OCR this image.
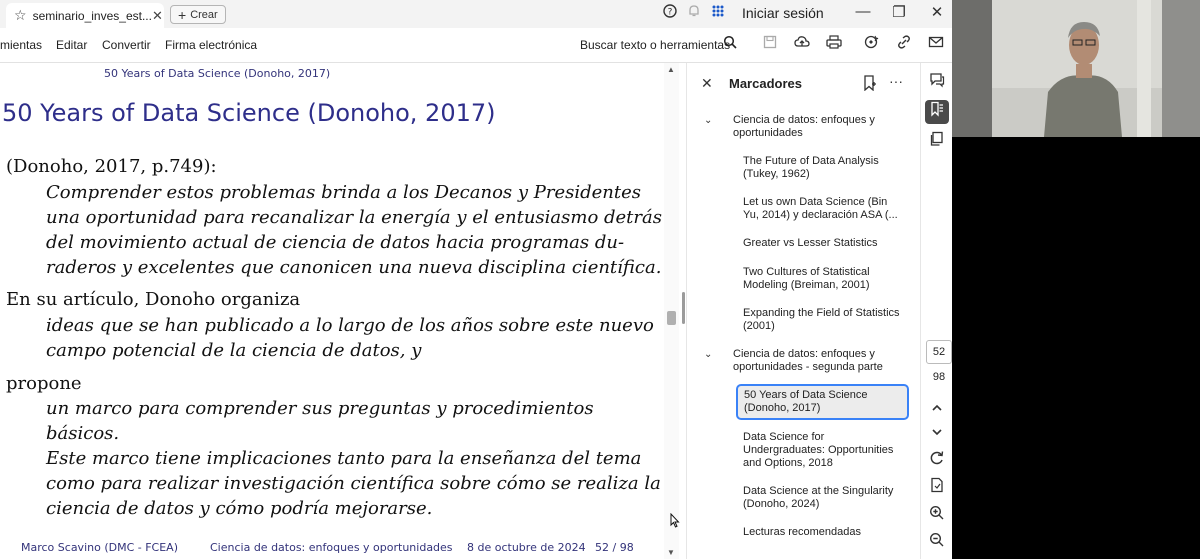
☆ seminario_inves_est... ✕ + Crear	?	Iniciar sesión — ❐	✕
mientas Editar Convertir Firma electrónica	Buscar texto o herramientas
50 Years of Data Science (Donoho, 2017)
50 Years of Data Science (Donoho, 2017)
(Donoho, 2017, p.749):
Comprender estos problemas brinda a los Decanos y Presidentes
una oportunidad para recanalizar la energía y el entusiasmo detrás
del movimiento actual de ciencia de datos hacia programas du-
raderos y excelentes que canonicen una nueva disciplina científica.
En su artículo, Donoho organiza
ideas que se han publicado a lo largo de los años sobre este nuevo
campo potencial de la ciencia de datos, y
propone
un marco para comprender sus preguntas y procedimientos básicos.
Este marco tiene implicaciones tanto para la enseñanza del tema
como para realizar investigación científica sobre cómo se realiza la
ciencia de datos y cómo podría mejorarse.
Marco Scavino (DMC - FCEA)	Ciencia de datos: enfoques y oportunidades 8 de octubre de 2024 52 / 98
▲
▼
✕ Marcadores	···
⌄ Ciencia de datos: enfoques y oportunidades
The Future of Data Analysis (Tukey, 1962)
Let us own Data Science (Bin Yu, 2014) y declaración ASA (...
Greater vs Lesser Statistics
Two Cultures of Statistical Modeling (Breiman, 2001)
Expanding the Field of Statistics (2001)
⌄ Ciencia de datos: enfoques y oportunidades - segunda parte
50 Years of Data Science (Donoho, 2017)
Data Science for Undergraduates: Opportunities and Options, 2018
Data Science at the Singularity (Donoho, 2024)
Lecturas recomendadas
52
98
